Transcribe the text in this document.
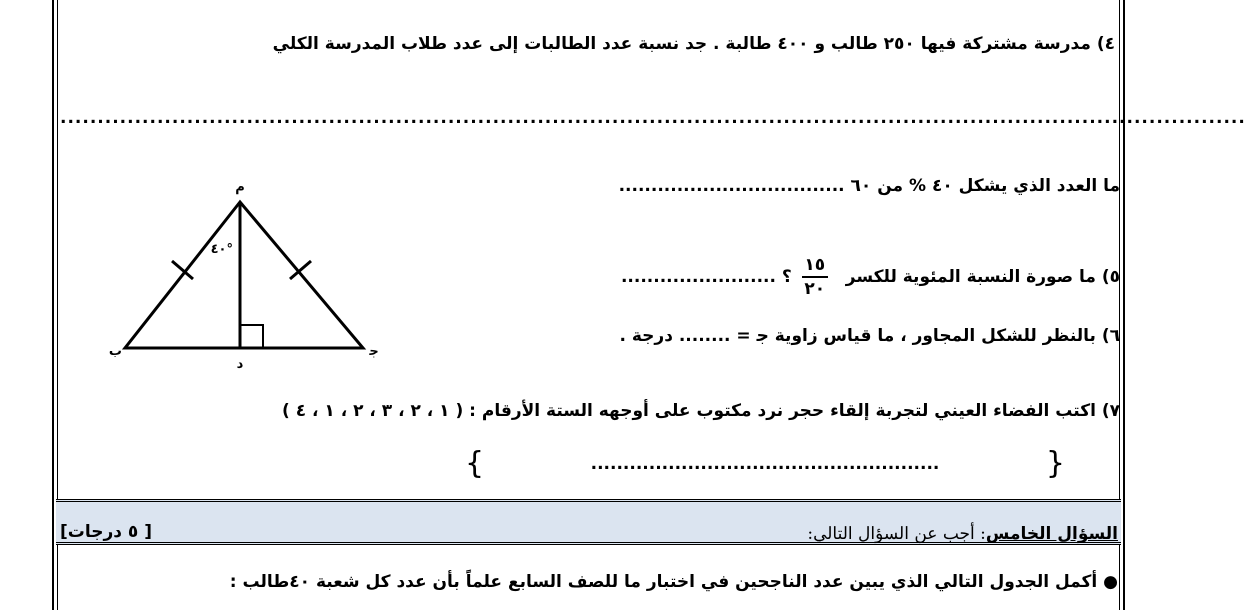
٤) مدرسة مشتركة فيها ٢٥٠ طالب و ٤٠٠ طالبة . جد نسبة عدد الطالبات إلى عدد طلاب المدرسة الكلي
...............................................................................................................................................................
ما العدد الذي يشكل ٤٠ % من ٦٠ ...................................
٥) ما صورة النسبة المئوية للكسر
$\frac{١٥}{٢٠}$
؟ ........................
٦) بالنظر للشكل المجاور ، ما قياس زاوية ﺟ = ........ درجة .
٧) اكتب الفضاء العيني لتجربة إلقاء حجر نرد مكتوب على أوجهه الستة الأرقام : ( ١ ، ٢ ، ٣ ، ٢ ، ١ ، ٤ )
{
......................................................
}
م
ب	ﺟ
د
٤٠°
السؤال الخامس: أجب عن السؤال التالي:
[ ٥ درجات]
● أكمل الجدول التالي الذي يبين عدد الناجحين في اختبار ما للصف السابع علماً بأن عدد كل شعبة ٤٠طالب :
